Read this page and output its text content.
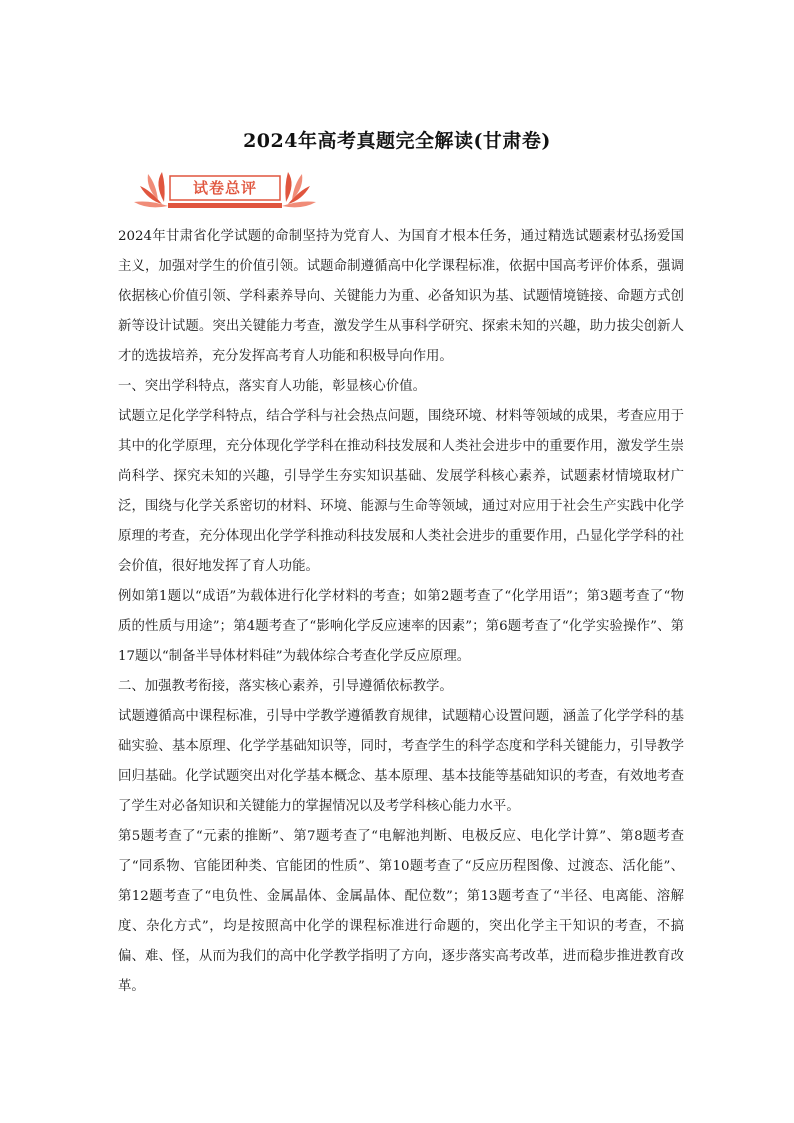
2024年高考真题完全解读(甘肃卷)
试卷总评

2024年甘肃省化学试题的命制坚持为党育人、为国育才根本任务，通过精选试题素材弘扬爱国主义，加强对学生的价值引领。试题命制遵循高中化学课程标准，依据中国高考评价体系，强调依据核心价值引领、学科素养导向、关键能力为重、必备知识为基、试题情境链接、命题方式创新等设计试题。突出关键能力考查，激发学生从事科学研究、探索未知的兴趣，助力拔尖创新人才的选拔培养，充分发挥高考育人功能和积极导向作用。

一、突出学科特点，落实育人功能，彰显核心价值。

试题立足化学学科特点，结合学科与社会热点问题，围绕环境、材料等领域的成果，考查应用于其中的化学原理，充分体现化学学科在推动科技发展和人类社会进步中的重要作用，激发学生崇尚科学、探究未知的兴趣，引导学生夯实知识基础、发展学科核心素养，试题素材情境取材广泛，围绕与化学关系密切的材料、环境、能源与生命等领域，通过对应用于社会生产实践中化学原理的考查，充分体现出化学学科推动科技发展和人类社会进步的重要作用，凸显化学学科的社会价值，很好地发挥了育人功能。

例如第1题以“成语”为载体进行化学材料的考查；如第2题考查了“化学用语”；第3题考查了“物质的性质与用途”；第4题考查了“影响化学反应速率的因素”；第6题考查了“化学实验操作”、第17题以“制备半导体材料硅”为载体综合考查化学反应原理。

二、加强教考衔接，落实核心素养，引导遵循依标教学。

试题遵循高中课程标准，引导中学教学遵循教育规律，试题精心设置问题，涵盖了化学学科的基础实验、基本原理、化学学基础知识等，同时，考查学生的科学态度和学科关键能力，引导教学回归基础。化学试题突出对化学基本概念、基本原理、基本技能等基础知识的考查，有效地考查了学生对必备知识和关键能力的掌握情况以及考学科核心能力水平。

第5题考查了“元素的推断”、第7题考查了“电解池判断、电极反应、电化学计算”、第8题考查了“同系物、官能团种类、官能团的性质”、第10题考查了“反应历程图像、过渡态、活化能”、第12题考查了“电负性、金属晶体、金属晶体、配位数”；第13题考查了“半径、电离能、溶解度、杂化方式”，均是按照高中化学的课程标准进行命题的，突出化学主干知识的考查，不搞偏、难、怪，从而为我们的高中化学教学指明了方向，逐步落实高考改革，进而稳步推进教育改革。
